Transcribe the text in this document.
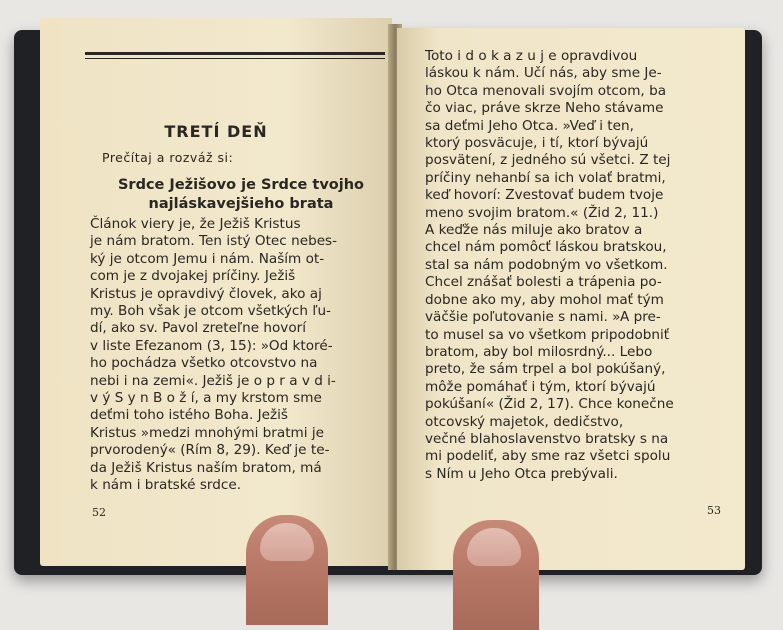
TRETÍ DEŇ
Prečítaj a rozváž si:
Srdce Ježišovo je Srdce tvojho
najláskavejšieho brata
Článok viery je, že Ježiš Kristus
je nám bratom. Ten istý Otec nebes-
ký je otcom Jemu i nám. Naším ot-
com je z dvojakej príčiny. Ježiš
Kristus je opravdivý človek, ako aj
my. Boh však je otcom všetkých ľu-
dí, ako sv. Pavol zreteľne hovorí
v liste Efezanom (3, 15): »Od ktoré-
ho pochádza všetko otcovstvo na
nebi i na zemi«. Ježiš je o p r a v d i-
v ý S y n B o ž í, a my krstom sme
deťmi toho istého Boha. Ježiš
Kristus »medzi mnohými bratmi je
prvorodený« (Rím 8, 29). Keď je te-
da Ježiš Kristus naším bratom, má
k nám i bratské srdce.
52
Toto i d o k a z u j e opravdivou
láskou k nám. Učí nás, aby sme Je-
ho Otca menovali svojím otcom, ba
čo viac, práve skrze Neho stávame
sa deťmi Jeho Otca. »Veď i ten,
ktorý posväcuje, i tí, ktorí bývajú
posvätení, z jedného sú všetci. Z tej
príčiny nehanbí sa ich volať bratmi,
keď hovorí: Zvestovať budem tvoje
meno svojim bratom.« (Žid 2, 11.)
A keďže nás miluje ako bratov a
chcel nám pomôcť láskou bratskou,
stal sa nám podobným vo všetkom.
Chcel znášať bolesti a trápenia po-
dobne ako my, aby mohol mať tým
väčšie poľutovanie s nami. »A pre-
to musel sa vo všetkom pripodobniť
bratom, aby bol milosrdný... Lebo
preto, že sám trpel a bol pokúšaný,
môže pomáhať i tým, ktorí bývajú
pokúšaní« (Žid 2, 17). Chce konečne
otcovský majetok, dedičstvo,
večné blahoslavenstvo bratsky s na
mi podeliť, aby sme raz všetci spolu
s Ním u Jeho Otca prebývali.
53
